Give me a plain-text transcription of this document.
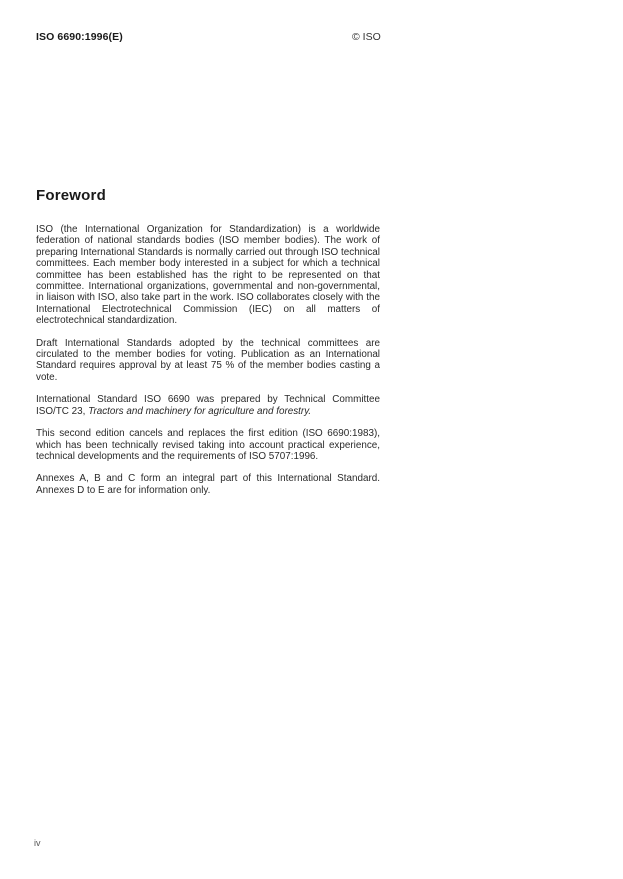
ISO 6690:1996(E)	© ISO
Foreword

ISO (the International Organization for Standardization) is a worldwide federation of national standards bodies (ISO member bodies). The work of preparing International Standards is normally carried out through ISO technical committees. Each member body interested in a subject for which a technical committee has been established has the right to be represented on that committee. International organizations, governmental and non-governmental, in liaison with ISO, also take part in the work. ISO collaborates closely with the International Electrotechnical Commission (IEC) on all matters of electrotechnical standardization.

Draft International Standards adopted by the technical committees are circulated to the member bodies for voting. Publication as an International Standard requires approval by at least 75 % of the member bodies casting a vote.

International Standard ISO 6690 was prepared by Technical Committee ISO/TC 23, Tractors and machinery for agriculture and forestry.

This second edition cancels and replaces the first edition (ISO 6690:1983), which has been technically revised taking into account practical experience, technical developments and the requirements of ISO 5707:1996.

Annexes A, B and C form an integral part of this International Standard. Annexes D to E are for information only.

iv
